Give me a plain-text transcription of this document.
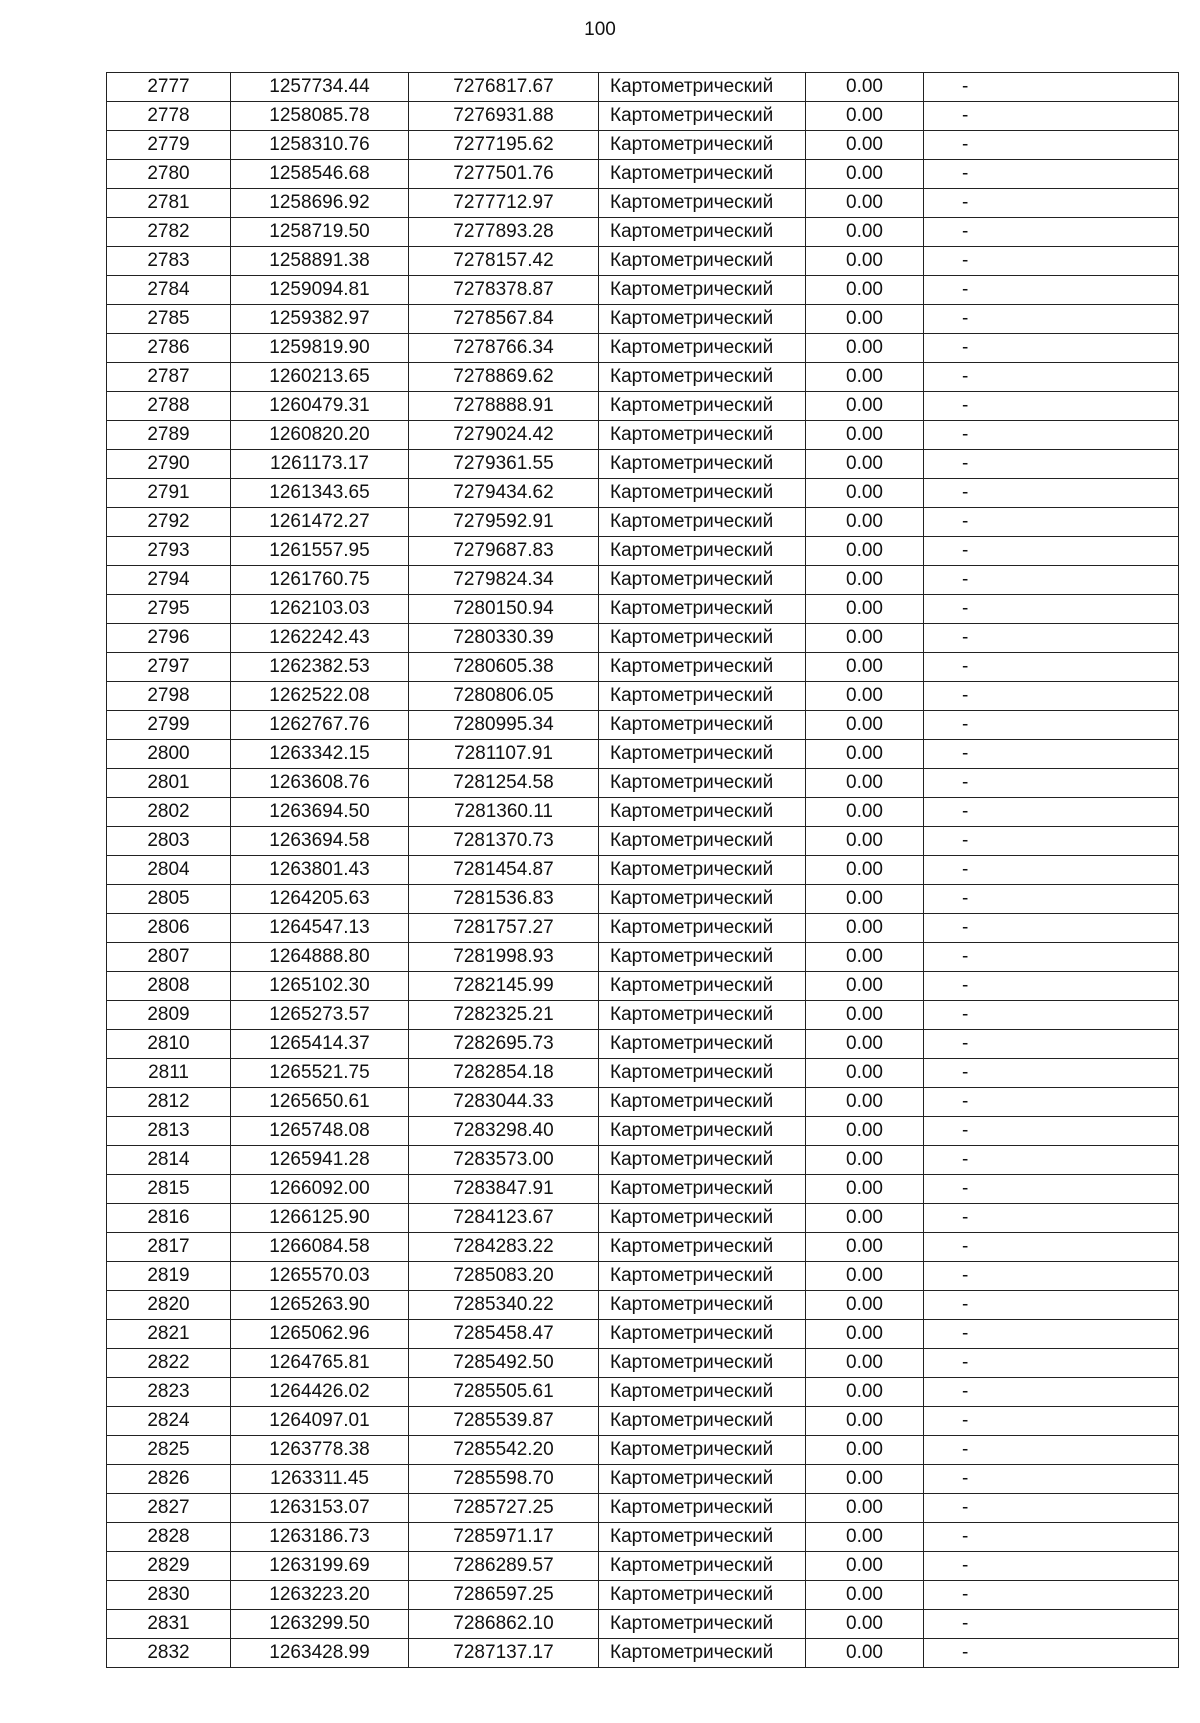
100
2777	1257734.44	7276817.67	Картометрический	0.00	-
2778	1258085.78	7276931.88	Картометрический	0.00	-
2779	1258310.76	7277195.62	Картометрический	0.00	-
2780	1258546.68	7277501.76	Картометрический	0.00	-
2781	1258696.92	7277712.97	Картометрический	0.00	-
2782	1258719.50	7277893.28	Картометрический	0.00	-
2783	1258891.38	7278157.42	Картометрический	0.00	-
2784	1259094.81	7278378.87	Картометрический	0.00	-
2785	1259382.97	7278567.84	Картометрический	0.00	-
2786	1259819.90	7278766.34	Картометрический	0.00	-
2787	1260213.65	7278869.62	Картометрический	0.00	-
2788	1260479.31	7278888.91	Картометрический	0.00	-
2789	1260820.20	7279024.42	Картометрический	0.00	-
2790	1261173.17	7279361.55	Картометрический	0.00	-
2791	1261343.65	7279434.62	Картометрический	0.00	-
2792	1261472.27	7279592.91	Картометрический	0.00	-
2793	1261557.95	7279687.83	Картометрический	0.00	-
2794	1261760.75	7279824.34	Картометрический	0.00	-
2795	1262103.03	7280150.94	Картометрический	0.00	-
2796	1262242.43	7280330.39	Картометрический	0.00	-
2797	1262382.53	7280605.38	Картометрический	0.00	-
2798	1262522.08	7280806.05	Картометрический	0.00	-
2799	1262767.76	7280995.34	Картометрический	0.00	-
2800	1263342.15	7281107.91	Картометрический	0.00	-
2801	1263608.76	7281254.58	Картометрический	0.00	-
2802	1263694.50	7281360.11	Картометрический	0.00	-
2803	1263694.58	7281370.73	Картометрический	0.00	-
2804	1263801.43	7281454.87	Картометрический	0.00	-
2805	1264205.63	7281536.83	Картометрический	0.00	-
2806	1264547.13	7281757.27	Картометрический	0.00	-
2807	1264888.80	7281998.93	Картометрический	0.00	-
2808	1265102.30	7282145.99	Картометрический	0.00	-
2809	1265273.57	7282325.21	Картометрический	0.00	-
2810	1265414.37	7282695.73	Картометрический	0.00	-
2811	1265521.75	7282854.18	Картометрический	0.00	-
2812	1265650.61	7283044.33	Картометрический	0.00	-
2813	1265748.08	7283298.40	Картометрический	0.00	-
2814	1265941.28	7283573.00	Картометрический	0.00	-
2815	1266092.00	7283847.91	Картометрический	0.00	-
2816	1266125.90	7284123.67	Картометрический	0.00	-
2817	1266084.58	7284283.22	Картометрический	0.00	-
2819	1265570.03	7285083.20	Картометрический	0.00	-
2820	1265263.90	7285340.22	Картометрический	0.00	-
2821	1265062.96	7285458.47	Картометрический	0.00	-
2822	1264765.81	7285492.50	Картометрический	0.00	-
2823	1264426.02	7285505.61	Картометрический	0.00	-
2824	1264097.01	7285539.87	Картометрический	0.00	-
2825	1263778.38	7285542.20	Картометрический	0.00	-
2826	1263311.45	7285598.70	Картометрический	0.00	-
2827	1263153.07	7285727.25	Картометрический	0.00	-
2828	1263186.73	7285971.17	Картометрический	0.00	-
2829	1263199.69	7286289.57	Картометрический	0.00	-
2830	1263223.20	7286597.25	Картометрический	0.00	-
2831	1263299.50	7286862.10	Картометрический	0.00	-
2832	1263428.99	7287137.17	Картометрический	0.00	-
